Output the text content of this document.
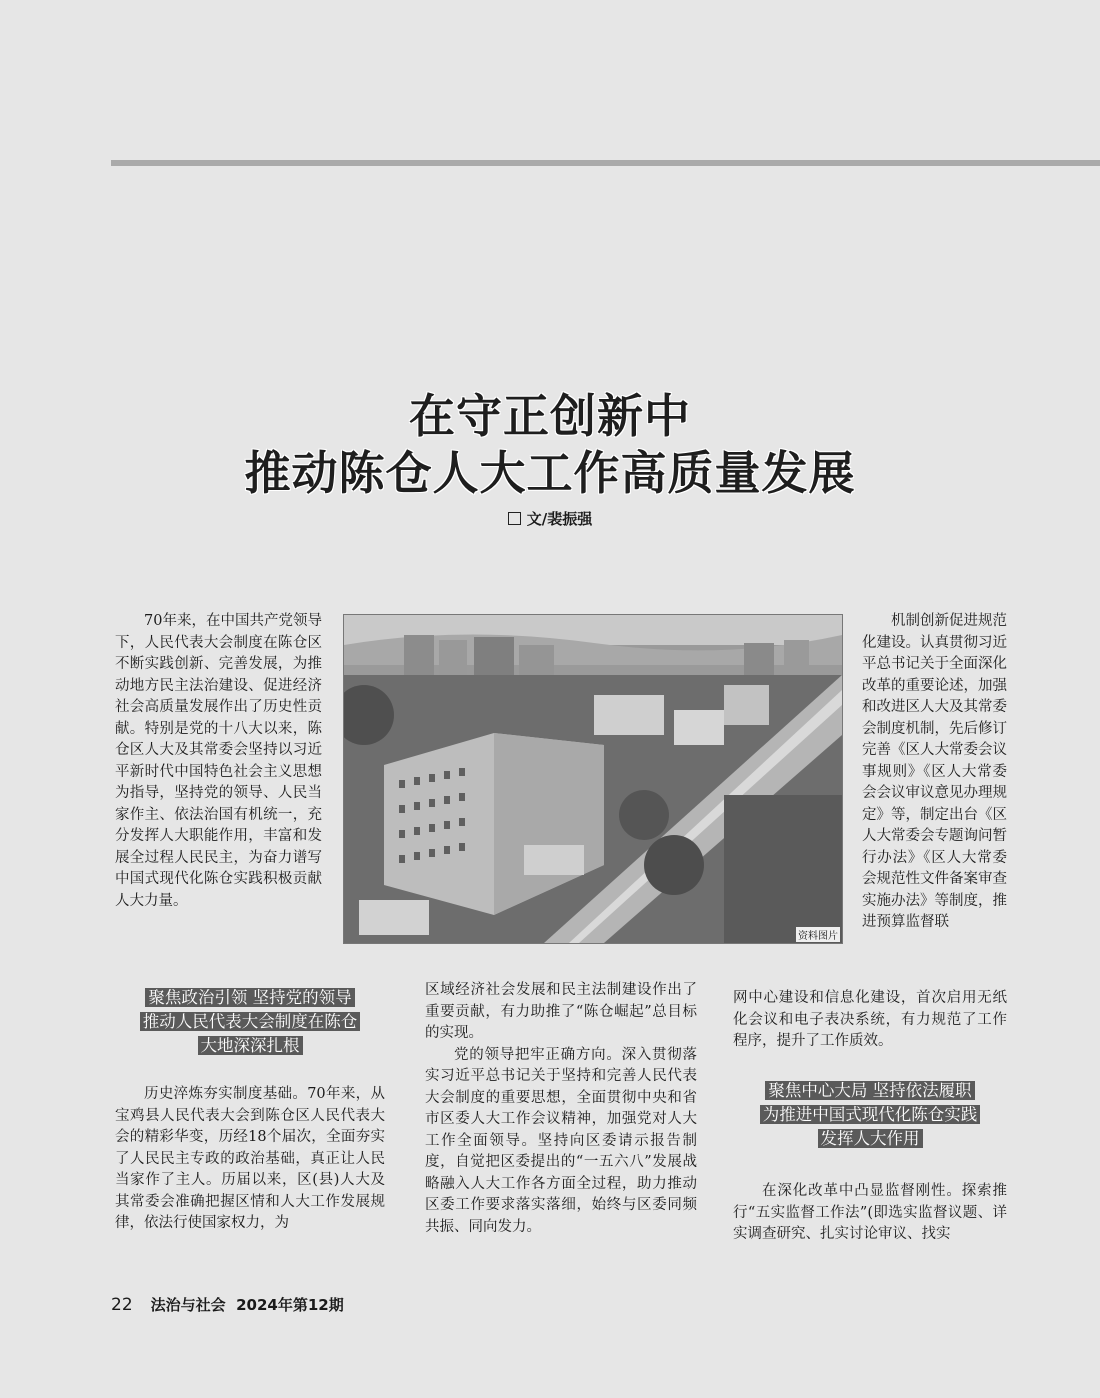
在守正创新中
推动陈仓人大工作高质量发展
文/裴振强

70年来，在中国共产党领导下，人民代表大会制度在陈仓区不断实践创新、完善发展，为推动地方民主法治建设、促进经济社会高质量发展作出了历史性贡献。特别是党的十八大以来，陈仓区人大及其常委会坚持以习近平新时代中国特色社会主义思想为指导，坚持党的领导、人民当家作主、依法治国有机统一，充分发挥人大职能作用，丰富和发展全过程人民民主，为奋力谱写中国式现代化陈仓实践积极贡献人大力量。

资料图片

机制创新促进规范化建设。认真贯彻习近平总书记关于全面深化改革的重要论述，加强和改进区人大及其常委会制度机制，先后修订完善《区人大常委会议事规则》《区人大常委会会议审议意见办理规定》等，制定出台《区人大常委会专题询问暂行办法》《区人大常委会规范性文件备案审查实施办法》等制度，推进预算监督联

聚焦政治引领 坚持党的领导
推动人民代表大会制度在陈仓
大地深深扎根

历史淬炼夯实制度基础。70年来，从宝鸡县人民代表大会到陈仓区人民代表大会的精彩华变，历经18个届次，全面夯实了人民民主专政的政治基础，真正让人民当家作了主人。历届以来，区(县)人大及其常委会准确把握区情和人大工作发展规律，依法行使国家权力，为

区域经济社会发展和民主法制建设作出了重要贡献，有力助推了“陈仓崛起”总目标的实现。

党的领导把牢正确方向。深入贯彻落实习近平总书记关于坚持和完善人民代表大会制度的重要思想，全面贯彻中央和省市区委人大工作会议精神，加强党对人大工作全面领导。坚持向区委请示报告制度，自觉把区委提出的“一五六八”发展战略融入人大工作各方面全过程，助力推动区委工作要求落实落细，始终与区委同频共振、同向发力。

网中心建设和信息化建设，首次启用无纸化会议和电子表决系统，有力规范了工作程序，提升了工作质效。

聚焦中心大局 坚持依法履职
为推进中国式现代化陈仓实践
发挥人大作用

在深化改革中凸显监督刚性。探索推行“五实监督工作法”(即选实监督议题、详实调查研究、扎实讨论审议、找实

22 法治与社会 2024年第12期
